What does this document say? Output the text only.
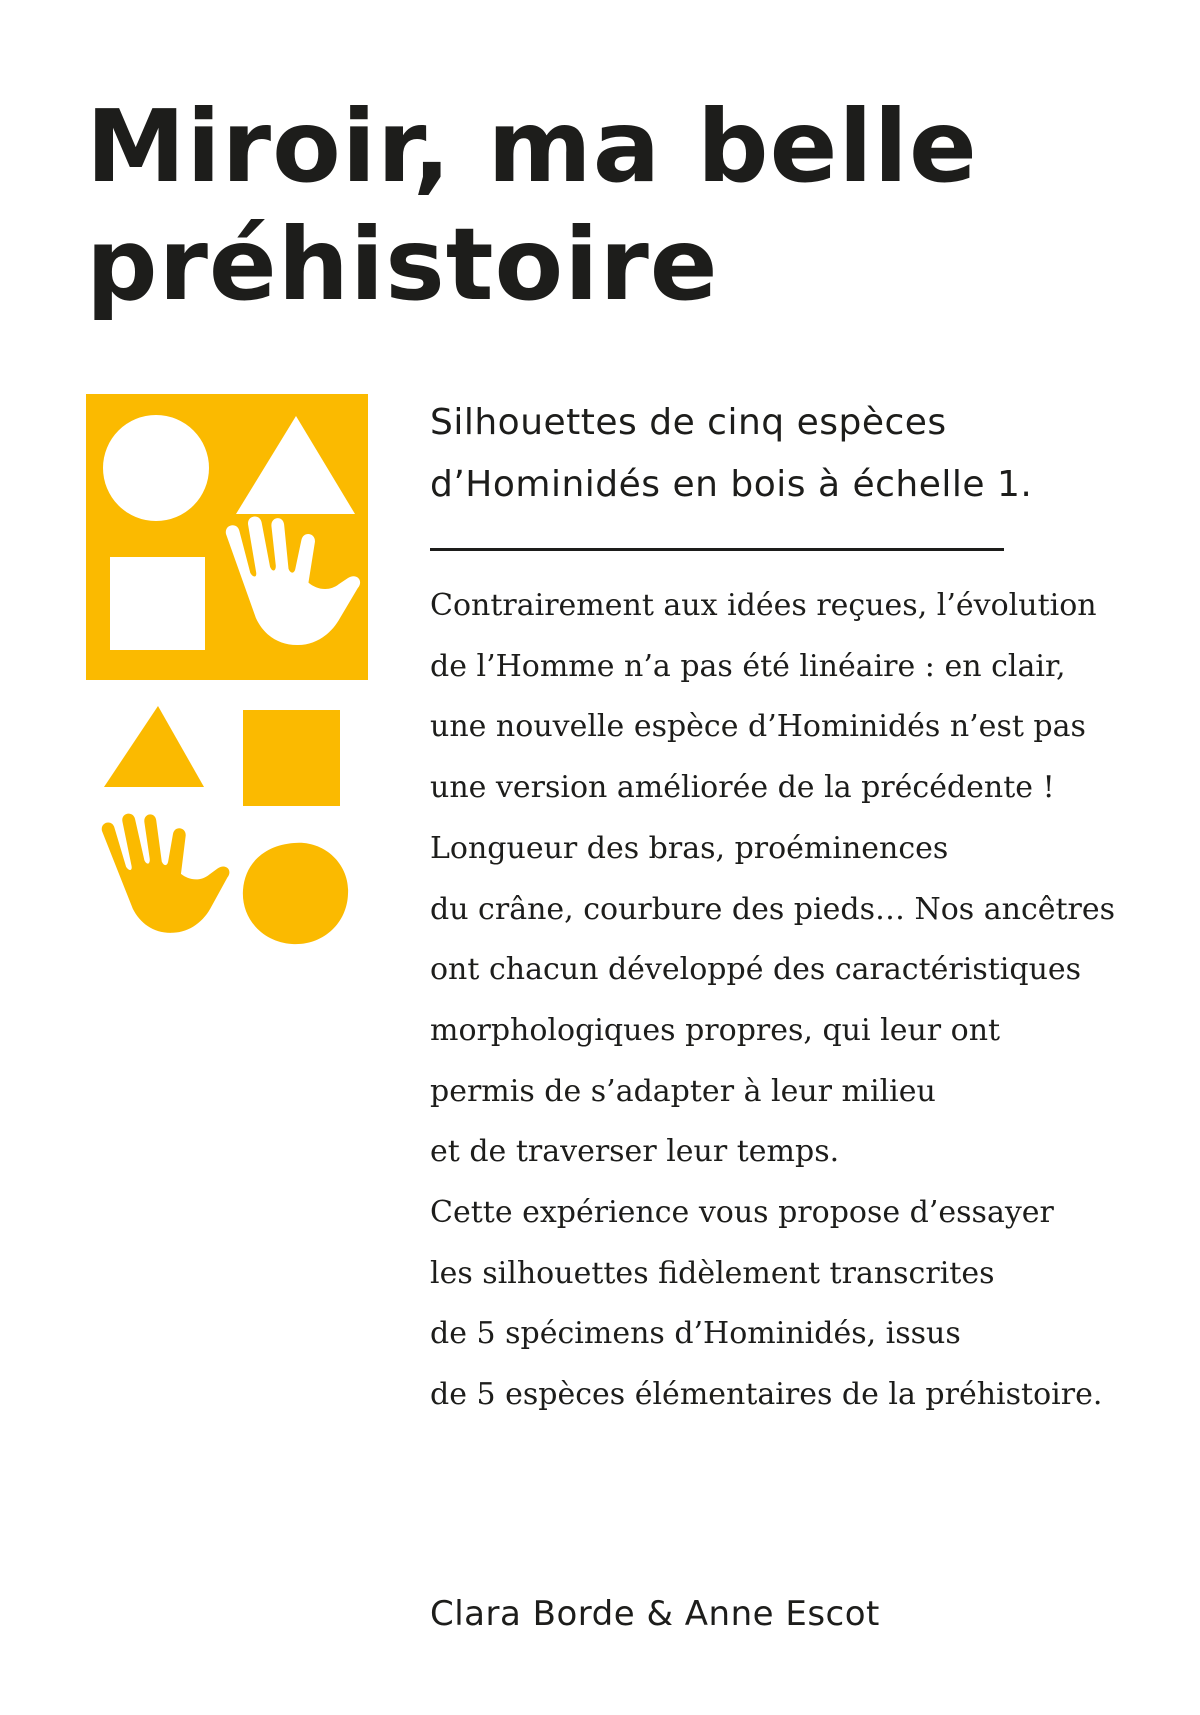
Miroir, ma belle
préhistoire
Silhouettes de cinq espèces
d’Hominidés en bois à échelle 1.
Contrairement aux idées reçues, l’évolution
de l’Homme n’a pas été linéaire : en clair,
une nouvelle espèce d’Hominidés n’est pas
une version améliorée de la précédente !
Longueur des bras, proéminences
du crâne, courbure des pieds… Nos ancêtres
ont chacun développé des caractéristiques
morphologiques propres, qui leur ont
permis de s’adapter à leur milieu
et de traverser leur temps.
Cette expérience vous propose d’essayer
les silhouettes fidèlement transcrites
de 5 spécimens d’Hominidés, issus
de 5 espèces élémentaires de la préhistoire.
Clara Borde & Anne Escot
